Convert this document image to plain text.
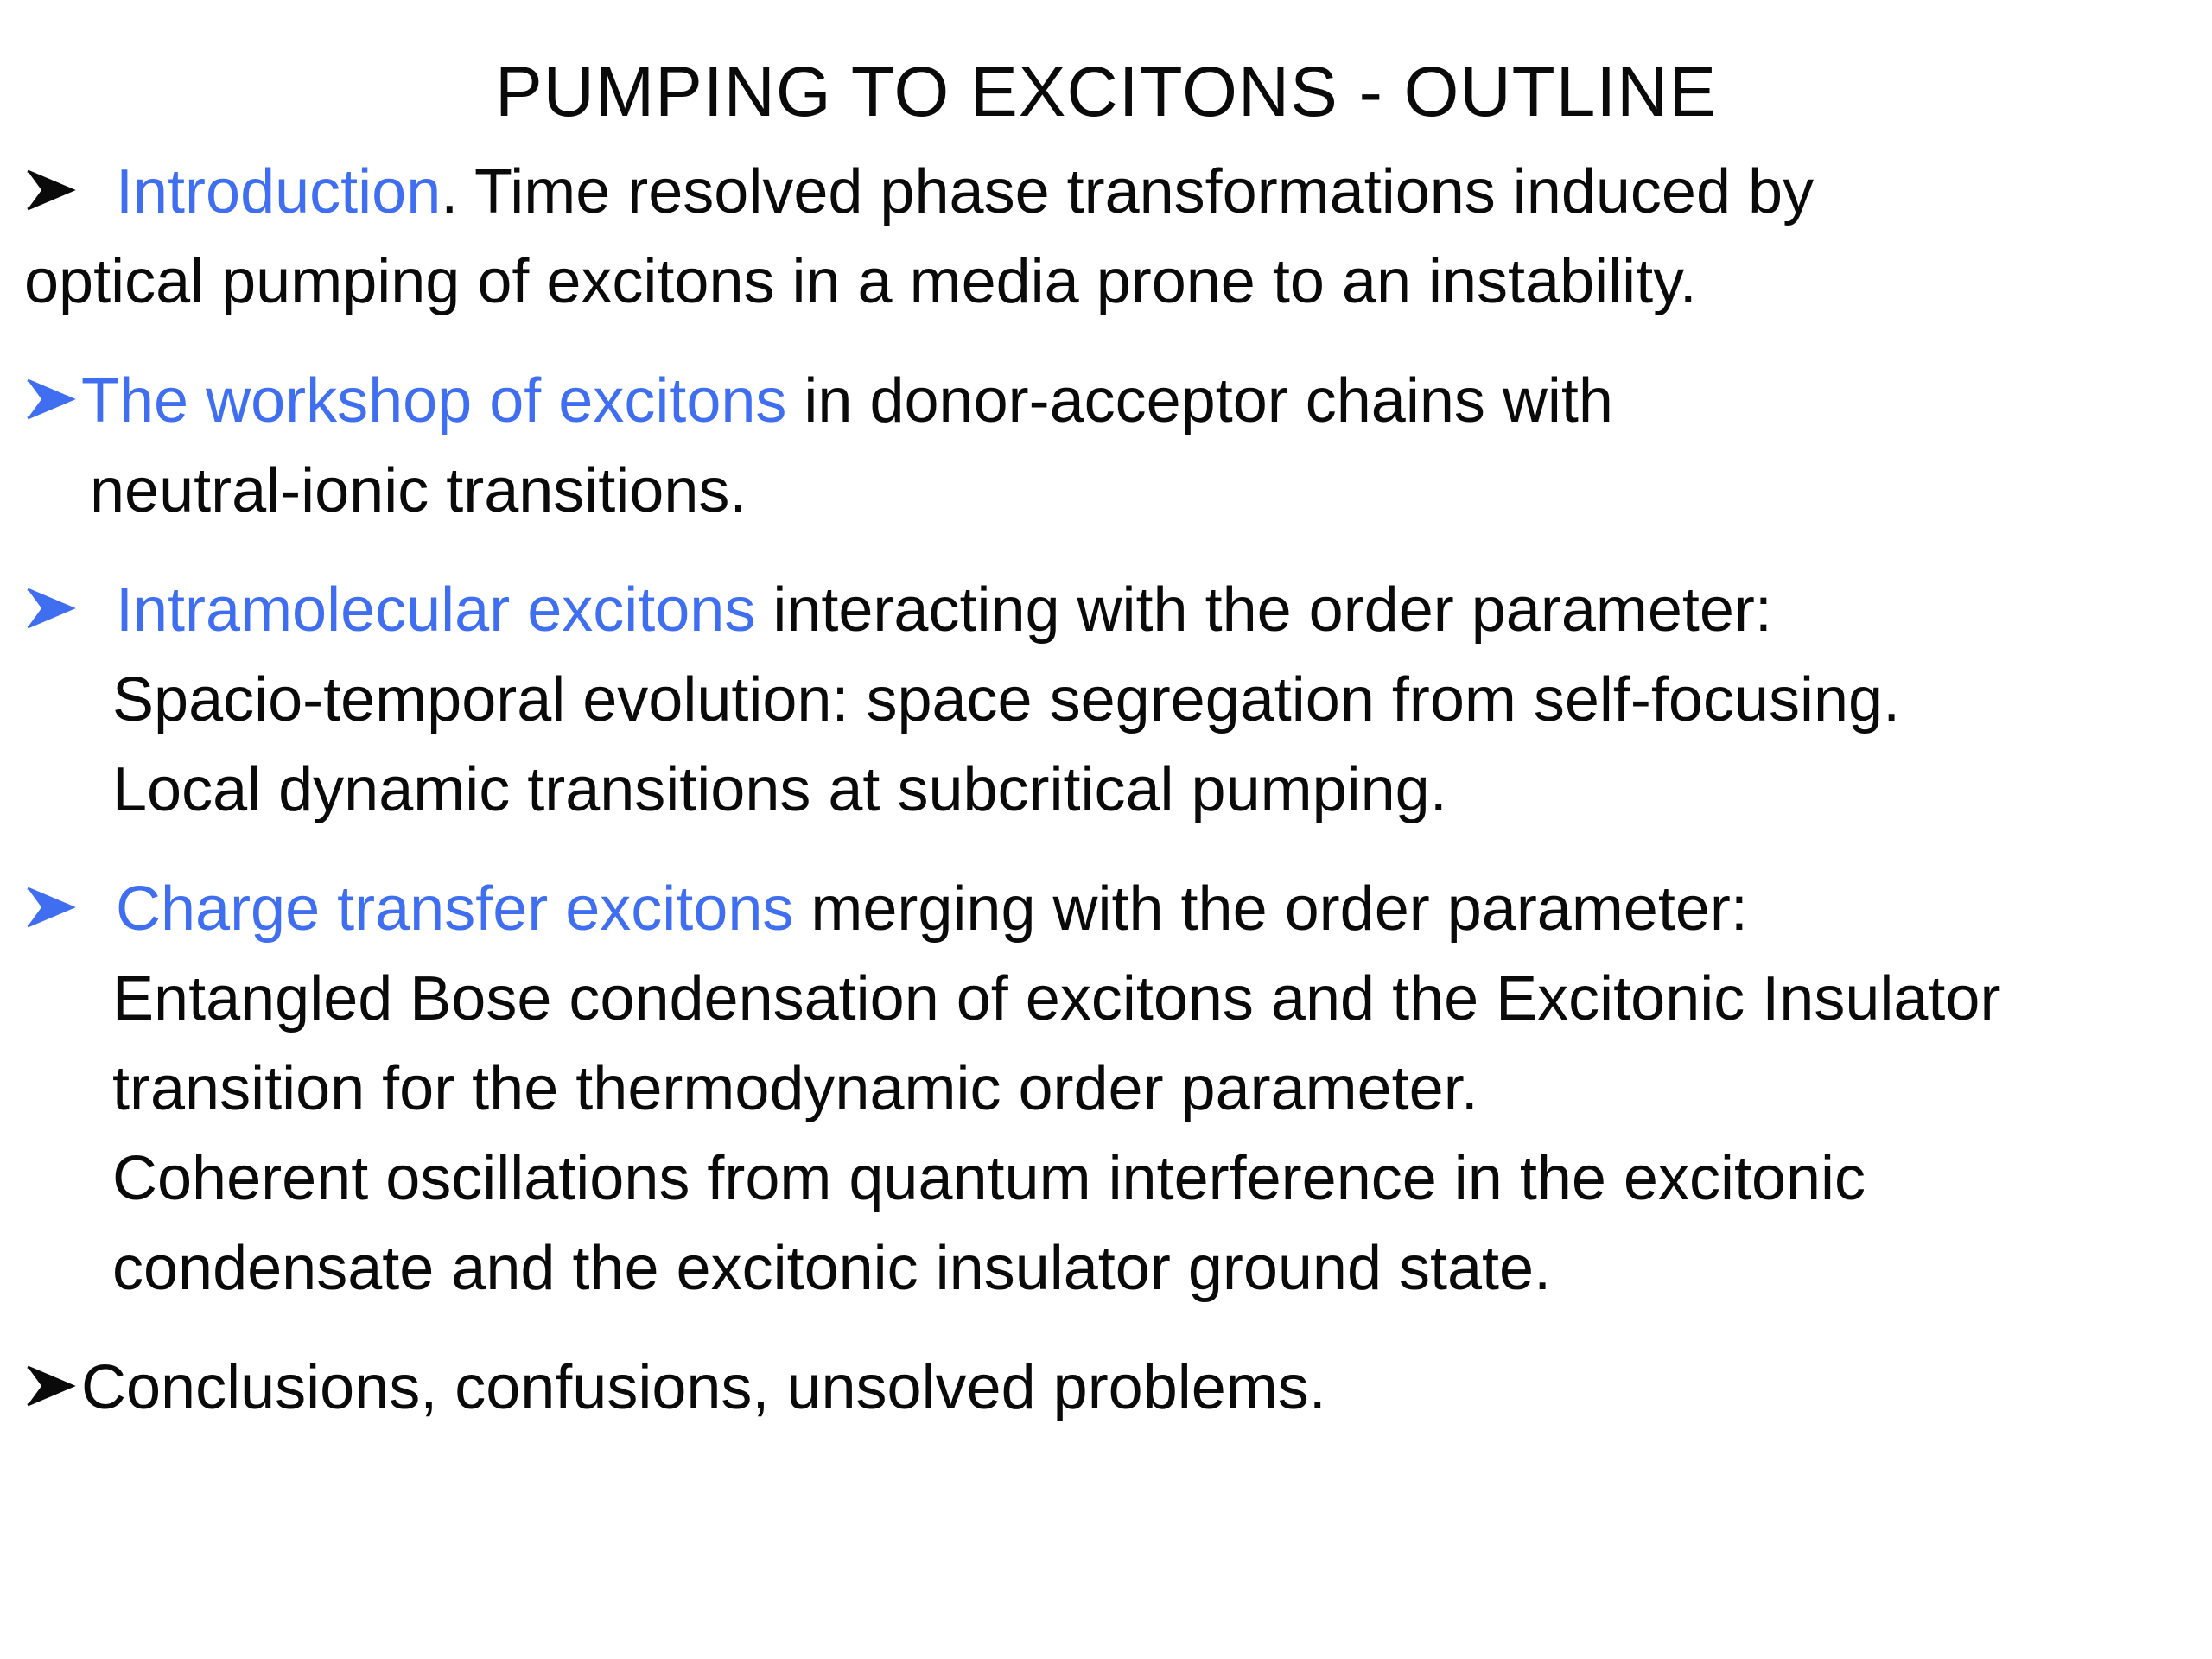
PUMPING TO EXCITONS - OUTLINE
Introduction. Time resolved phase transformations induced by
optical pumping of excitons in a media prone to an instability.
The workshop of excitons in donor-acceptor chains with
neutral-ionic transitions.
Intramolecular excitons interacting with the order parameter:
Spacio-temporal evolution: space segregation from self-focusing.
Local dynamic transitions at subcritical pumping.
Charge transfer excitons merging with the order parameter:
Entangled Bose condensation of excitons and the Excitonic Insulator
transition for the thermodynamic order parameter.
Coherent oscillations from quantum interference in the excitonic
condensate and the excitonic insulator ground state.
Conclusions, confusions, unsolved problems.
